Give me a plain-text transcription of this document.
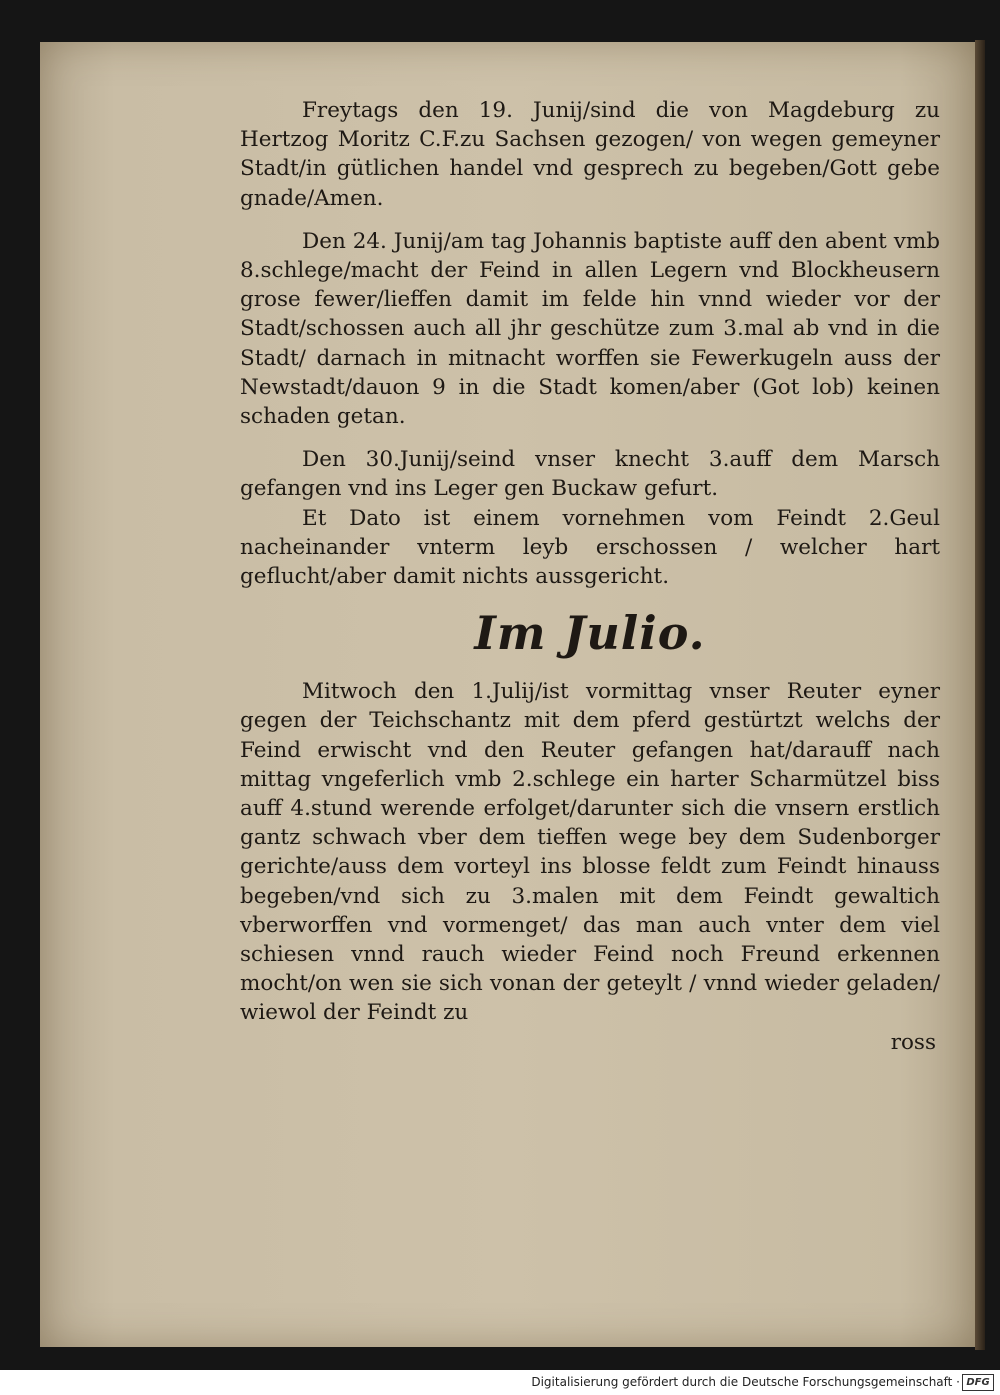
Freytags den 19. Junij/sind die von Magdeburg zu Hertzog Moritz C.F.zu Sachsen gezogen/ von wegen gemeyner Stadt/in gütlichen handel vnd gesprech zu begeben/Gott gebe gnade/Amen.

Den 24. Junij/am tag Johannis baptiste auff den abent vmb 8.schlege/macht der Feind in allen Legern vnd Blockheusern grose fewer/lieffen damit im felde hin vnnd wieder vor der Stadt/schossen auch all jhr geschütze zum 3.mal ab vnd in die Stadt/ darnach in mitnacht worffen sie Fewerkugeln auss der Newstadt/dauon 9 in die Stadt komen/aber (Got lob) keinen schaden getan.

Den 30.Junij/seind vnser knecht 3.auff dem Marsch gefangen vnd ins Leger gen Buckaw gefurt.

Et Dato ist einem vornehmen vom Feindt 2.Geul nacheinander vnterm leyb erschossen / welcher hart geflucht/aber damit nichts aussgericht.

Im Julio.

Mitwoch den 1.Julij/ist vormittag vnser Reuter eyner gegen der Teichschantz mit dem pferd gestürtzt welchs der Feind erwischt vnd den Reuter gefangen hat/darauff nach mittag vngeferlich vmb 2.schlege ein harter Scharmützel biss auff 4.stund werende erfolget/darunter sich die vnsern erstlich gantz schwach vber dem tieffen wege bey dem Sudenborger gerichte/auss dem vorteyl ins blosse feldt zum Feindt hinauss begeben/vnd sich zu 3.malen mit dem Feindt gewaltich vberworffen vnd vormenget/ das man auch vnter dem viel schiesen vnnd rauch wieder Feind noch Freund erkennen mocht/on wen sie sich vonan der geteylt / vnnd wieder geladen/ wiewol der Feindt zu

ross

Digitalisierung gefördert durch die Deutsche Forschungsgemeinschaft · DFG
